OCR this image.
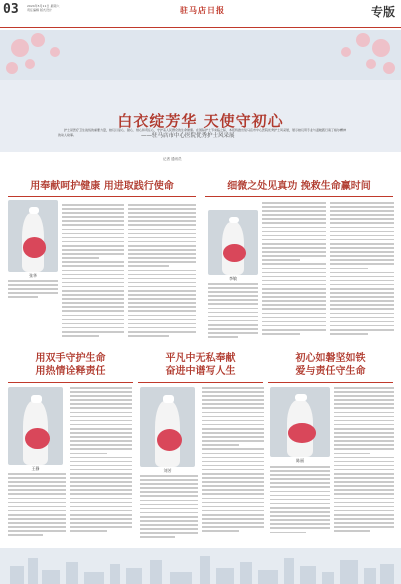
03	2024年5月11日 星期六
责任编辑 版式设计	驻马店日报	专版
白衣绽芳华 天使守初心
——驻马店市中心医院优秀护士风采展
护士是医疗卫生战线的重要力量，她们以爱心、耐心、细心和责任心，守护着人民群众的生命健康。在国际护士节来临之际，本报特推出驻马店市中心医院优秀护士风采展，展示她们用专业与温暖践行南丁格尔精神的动人故事。
记者 通讯员
用奉献呵护健康 用进取践行使命	细微之处见真功 挽救生命赢时间
张华
李敏
用双手守护生命
用热情诠释责任
平凡中无私奉献
奋进中谱写人生
初心如磐坚如铁
爱与责任守生命
王静	刘芳
陈丽
